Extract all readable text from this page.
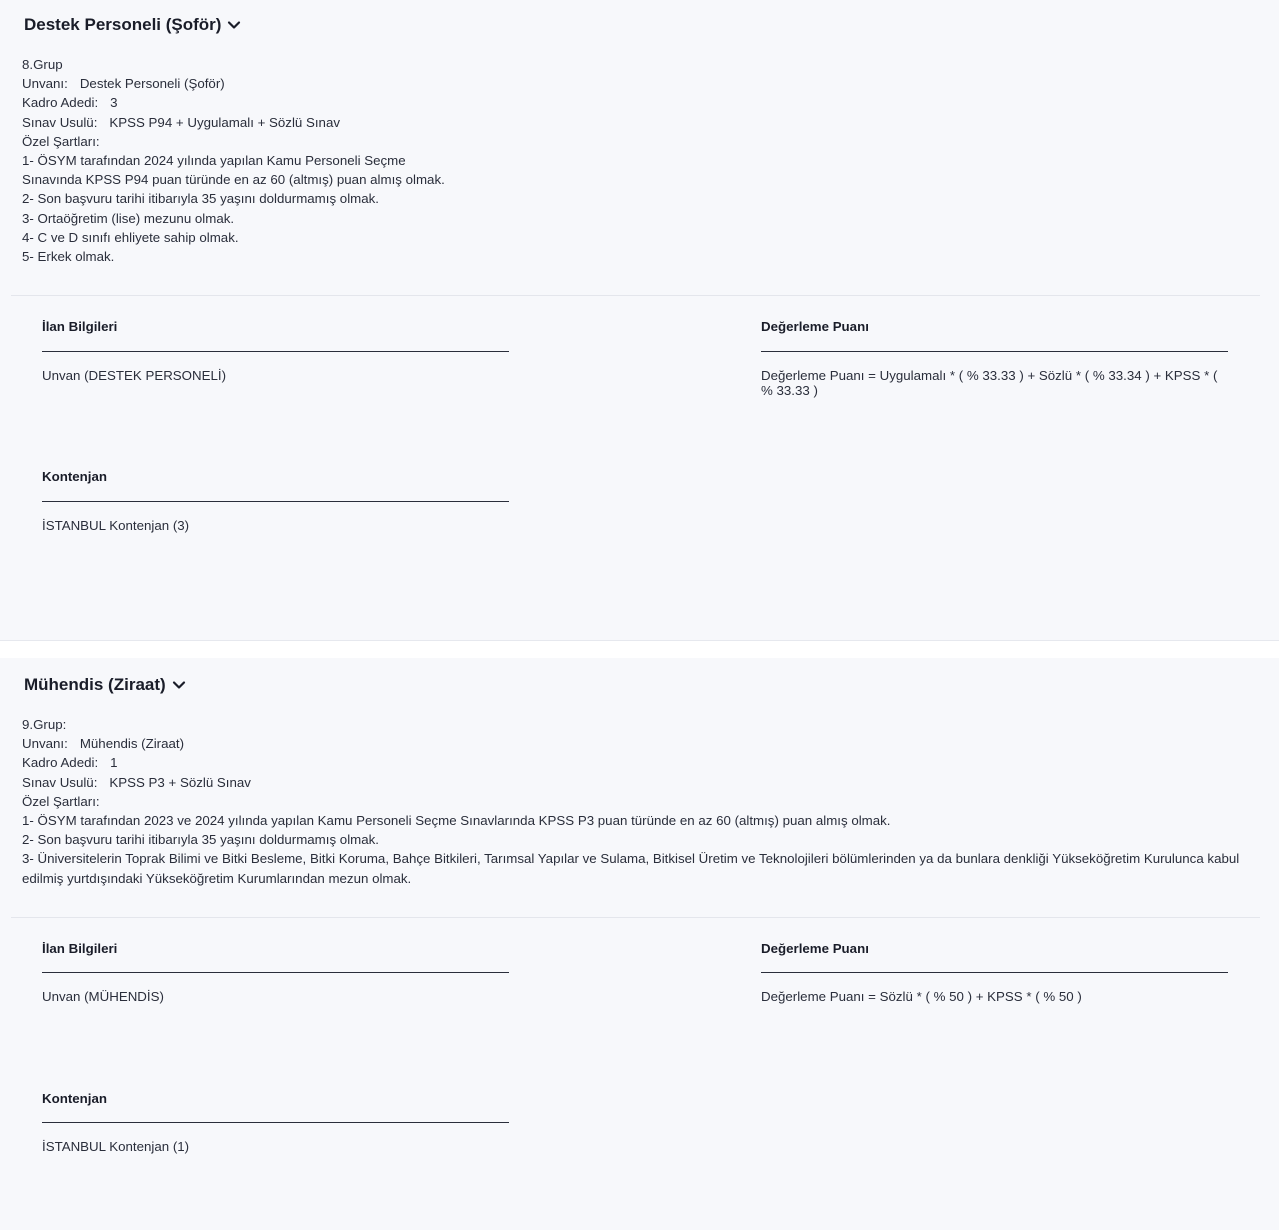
Destek Personeli (Şoför)
8.Grup
Unvanı: Destek Personeli (Şoför)
Kadro Adedi: 3
Sınav Usulü: KPSS P94 + Uygulamalı + Sözlü Sınav
Özel Şartları:
1- ÖSYM tarafından 2024 yılında yapılan Kamu Personeli Seçme
Sınavında KPSS P94 puan türünde en az 60 (altmış) puan almış olmak.
2- Son başvuru tarihi itibarıyla 35 yaşını doldurmamış olmak.
3- Ortaöğretim (lise) mezunu olmak.
4- C ve D sınıfı ehliyete sahip olmak.
5- Erkek olmak.
İlan Bilgileri
Unvan (DESTEK PERSONELİ)
Değerleme Puanı
Değerleme Puanı = Uygulamalı * ( % 33.33 ) + Sözlü * ( % 33.34 ) + KPSS * ( % 33.33 )
Kontenjan
İSTANBUL Kontenjan (3)
Mühendis (Ziraat)
9.Grup:
Unvanı: Mühendis (Ziraat)
Kadro Adedi: 1
Sınav Usulü: KPSS P3 + Sözlü Sınav
Özel Şartları:
1- ÖSYM tarafından 2023 ve 2024 yılında yapılan Kamu Personeli Seçme Sınavlarında KPSS P3 puan türünde en az 60 (altmış) puan almış olmak.
2- Son başvuru tarihi itibarıyla 35 yaşını doldurmamış olmak.
3- Üniversitelerin Toprak Bilimi ve Bitki Besleme, Bitki Koruma, Bahçe Bitkileri, Tarımsal Yapılar ve Sulama, Bitkisel Üretim ve Teknolojileri bölümlerinden ya da bunlara denkliği Yükseköğretim Kurulunca kabul edilmiş yurtdışındaki Yükseköğretim Kurumlarından mezun olmak.
İlan Bilgileri
Unvan (MÜHENDİS)
Değerleme Puanı
Değerleme Puanı = Sözlü * ( % 50 ) + KPSS * ( % 50 )
Kontenjan
İSTANBUL Kontenjan (1)
